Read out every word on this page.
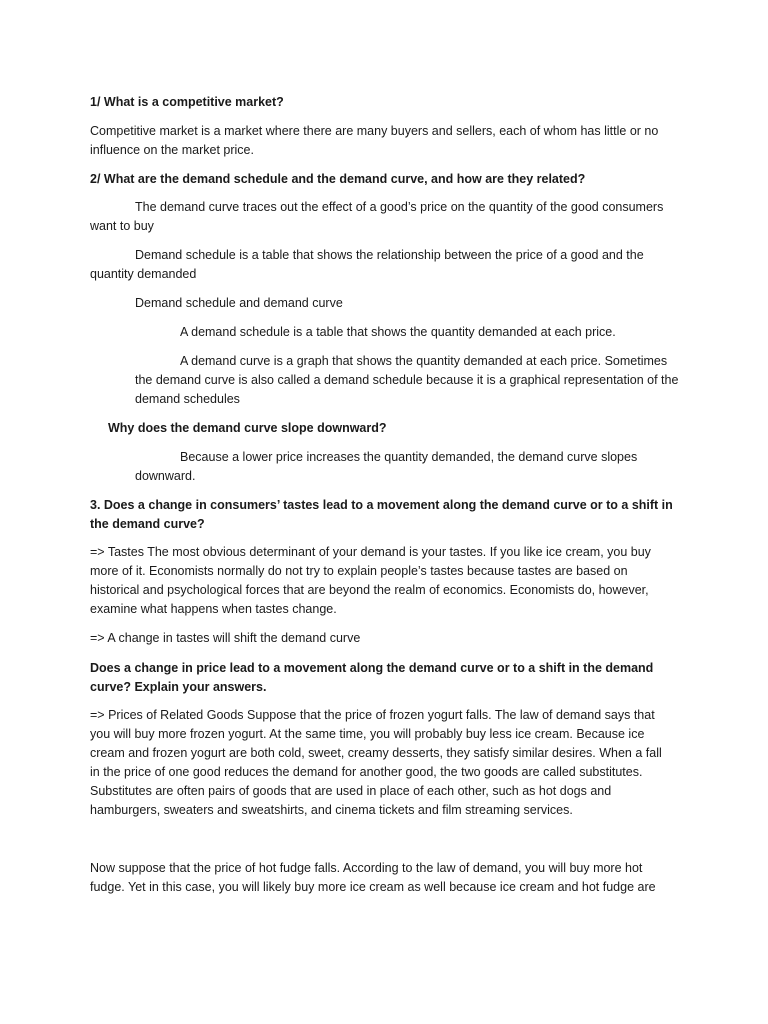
1/ What is a competitive market?

Competitive market is a market where there are many buyers and sellers, each of whom has little or no influence on the market price.

2/ What are the demand schedule and the demand curve, and how are they related?

The demand curve traces out the effect of a good’s price on the quantity of the good consumers want to buy

Demand schedule is a table that shows the relationship between the price of a good and the quantity demanded

Demand schedule and demand curve

A demand schedule is a table that shows the quantity demanded at each price.

A demand curve is a graph that shows the quantity demanded at each price. Sometimes the demand curve is also called a demand schedule because it is a graphical representation of the demand schedules

Why does the demand curve slope downward?

Because a lower price increases the quantity demanded, the demand curve slopes downward.

3. Does a change in consumers’ tastes lead to a movement along the demand curve or to a shift in the demand curve?

=> Tastes The most obvious determinant of your demand is your tastes. If you like ice cream, you buy more of it. Economists normally do not try to explain people’s tastes because tastes are based on historical and psychological forces that are beyond the realm of economics. Economists do, however, examine what happens when tastes change.

=> A change in tastes will shift the demand curve

Does a change in price lead to a movement along the demand curve or to a shift in the demand curve? Explain your answers.

=> Prices of Related Goods Suppose that the price of frozen yogurt falls. The law of demand says that you will buy more frozen yogurt. At the same time, you will probably buy less ice cream. Because ice cream and frozen yogurt are both cold, sweet, creamy desserts, they satisfy similar desires. When a fall in the price of one good reduces the demand for another good, the two goods are called substitutes. Substitutes are often pairs of goods that are used in place of each other, such as hot dogs and hamburgers, sweaters and sweatshirts, and cinema tickets and film streaming services.

Now suppose that the price of hot fudge falls. According to the law of demand, you will buy more hot fudge. Yet in this case, you will likely buy more ice cream as well because ice cream and hot fudge are
